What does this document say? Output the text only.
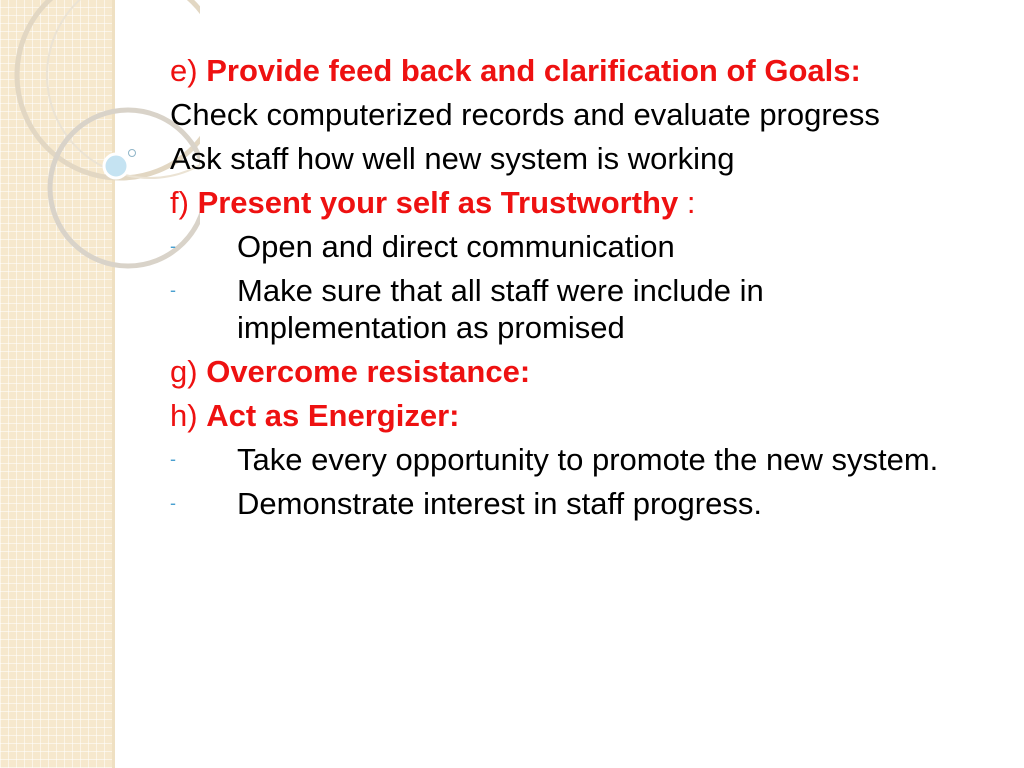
e) Provide feed back and clarification of Goals:
Check computerized records and evaluate progress
Ask staff how well new system is working
f) Present your self as Trustworthy :
-	Open and direct communication
-	Make sure that all staff were include in implementation as promised
g) Overcome resistance:
h) Act as Energizer:
-	Take every opportunity to promote the new system.
-	Demonstrate interest in staff progress.
